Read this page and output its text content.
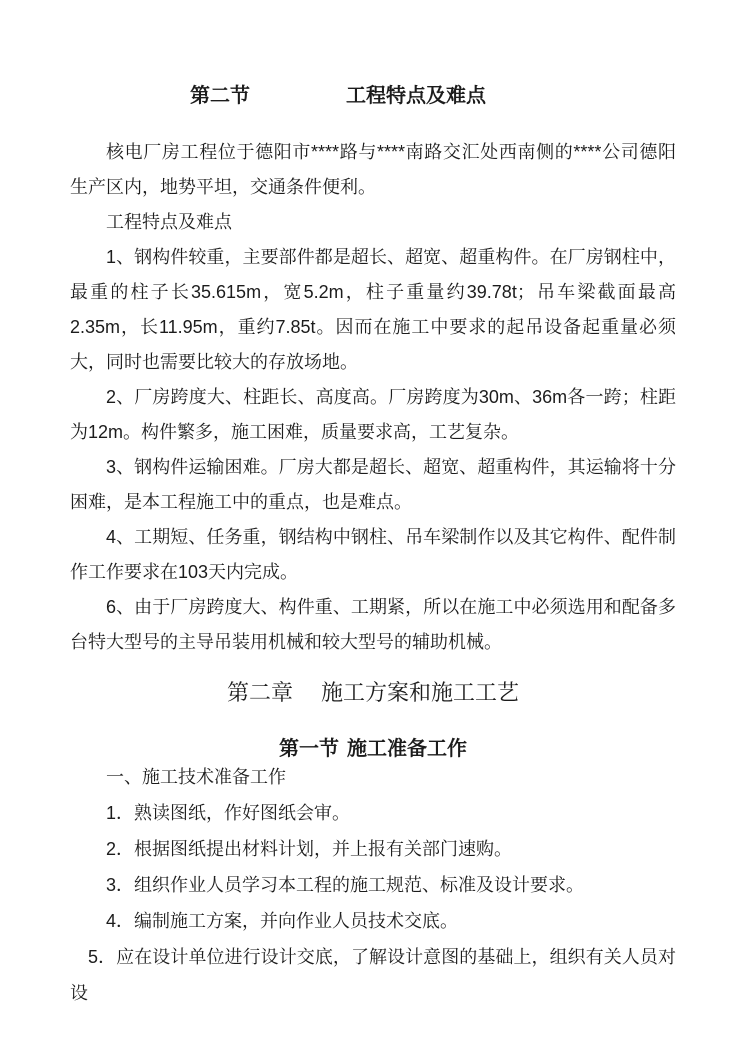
第二节	工程特点及难点

核电厂房工程位于德阳市****路与****南路交汇处西南侧的****公司德阳生产区内，地势平坦，交通条件便利。

工程特点及难点

1、钢构件较重，主要部件都是超长、超宽、超重构件。在厂房钢柱中，最重的柱子长35.615m，宽5.2m，柱子重量约39.78t；吊车梁截面最高2.35m，长11.95m，重约7.85t。因而在施工中要求的起吊设备起重量必须大，同时也需要比较大的存放场地。

2、厂房跨度大、柱距长、高度高。厂房跨度为30m、36m各一跨；柱距为12m。构件繁多，施工困难，质量要求高，工艺复杂。

3、钢构件运输困难。厂房大都是超长、超宽、超重构件，其运输将十分困难，是本工程施工中的重点，也是难点。

4、工期短、任务重，钢结构中钢柱、吊车梁制作以及其它构件、配件制作工作要求在103天内完成。

6、由于厂房跨度大、构件重、工期紧，所以在施工中必须选用和配备多台特大型号的主导吊装用机械和较大型号的辅助机械。

第二章 施工方案和施工工艺
第一节 施工准备工作

一、施工技术准备工作

1．熟读图纸，作好图纸会审。

2．根据图纸提出材料计划，并上报有关部门速购。

3．组织作业人员学习本工程的施工规范、标准及设计要求。

4．编制施工方案，并向作业人员技术交底。

5．应在设计单位进行设计交底，了解设计意图的基础上，组织有关人员对设
